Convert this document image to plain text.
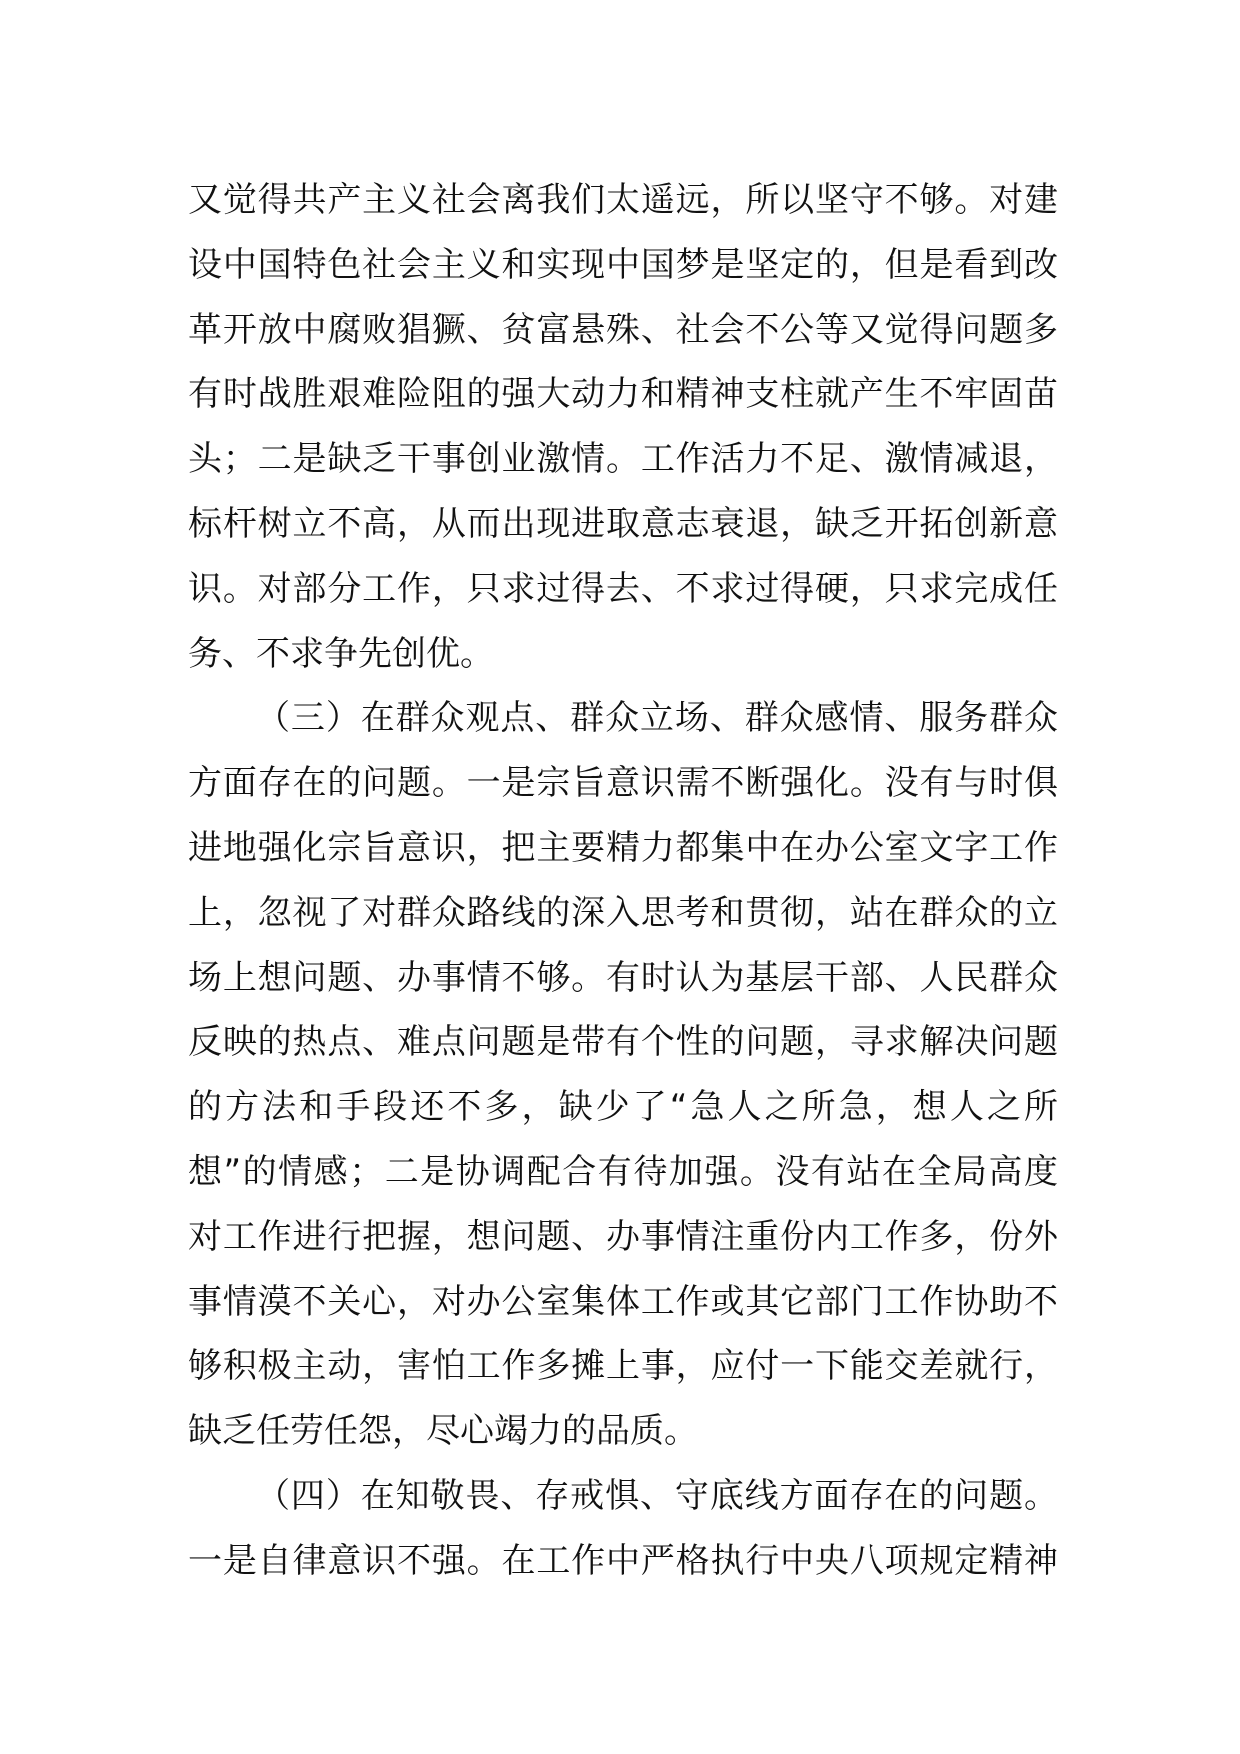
又觉得共产主义社会离我们太遥远，所以坚守不够。对建
设中国特色社会主义和实现中国梦是坚定的，但是看到改
革开放中腐败猖獗、贫富悬殊、社会不公等又觉得问题多
有时战胜艰难险阻的强大动力和精神支柱就产生不牢固苗
头；二是缺乏干事创业激情。工作活力不足、激情减退，
标杆树立不高，从而出现进取意志衰退，缺乏开拓创新意
识。对部分工作，只求过得去、不求过得硬，只求完成任
务、不求争先创优。
（三）在群众观点、群众立场、群众感情、服务群众
方面存在的问题。一是宗旨意识需不断强化。没有与时俱
进地强化宗旨意识，把主要精力都集中在办公室文字工作
上，忽视了对群众路线的深入思考和贯彻，站在群众的立
场上想问题、办事情不够。有时认为基层干部、人民群众
反映的热点、难点问题是带有个性的问题，寻求解决问题
的方法和手段还不多，缺少了“急人之所急，想人之所
想”的情感；二是协调配合有待加强。没有站在全局高度
对工作进行把握，想问题、办事情注重份内工作多，份外
事情漠不关心，对办公室集体工作或其它部门工作协助不
够积极主动，害怕工作多摊上事，应付一下能交差就行，
缺乏任劳任怨，尽心竭力的品质。
（四）在知敬畏、存戒惧、守底线方面存在的问题。
一是自律意识不强。在工作中严格执行中央八项规定精神
